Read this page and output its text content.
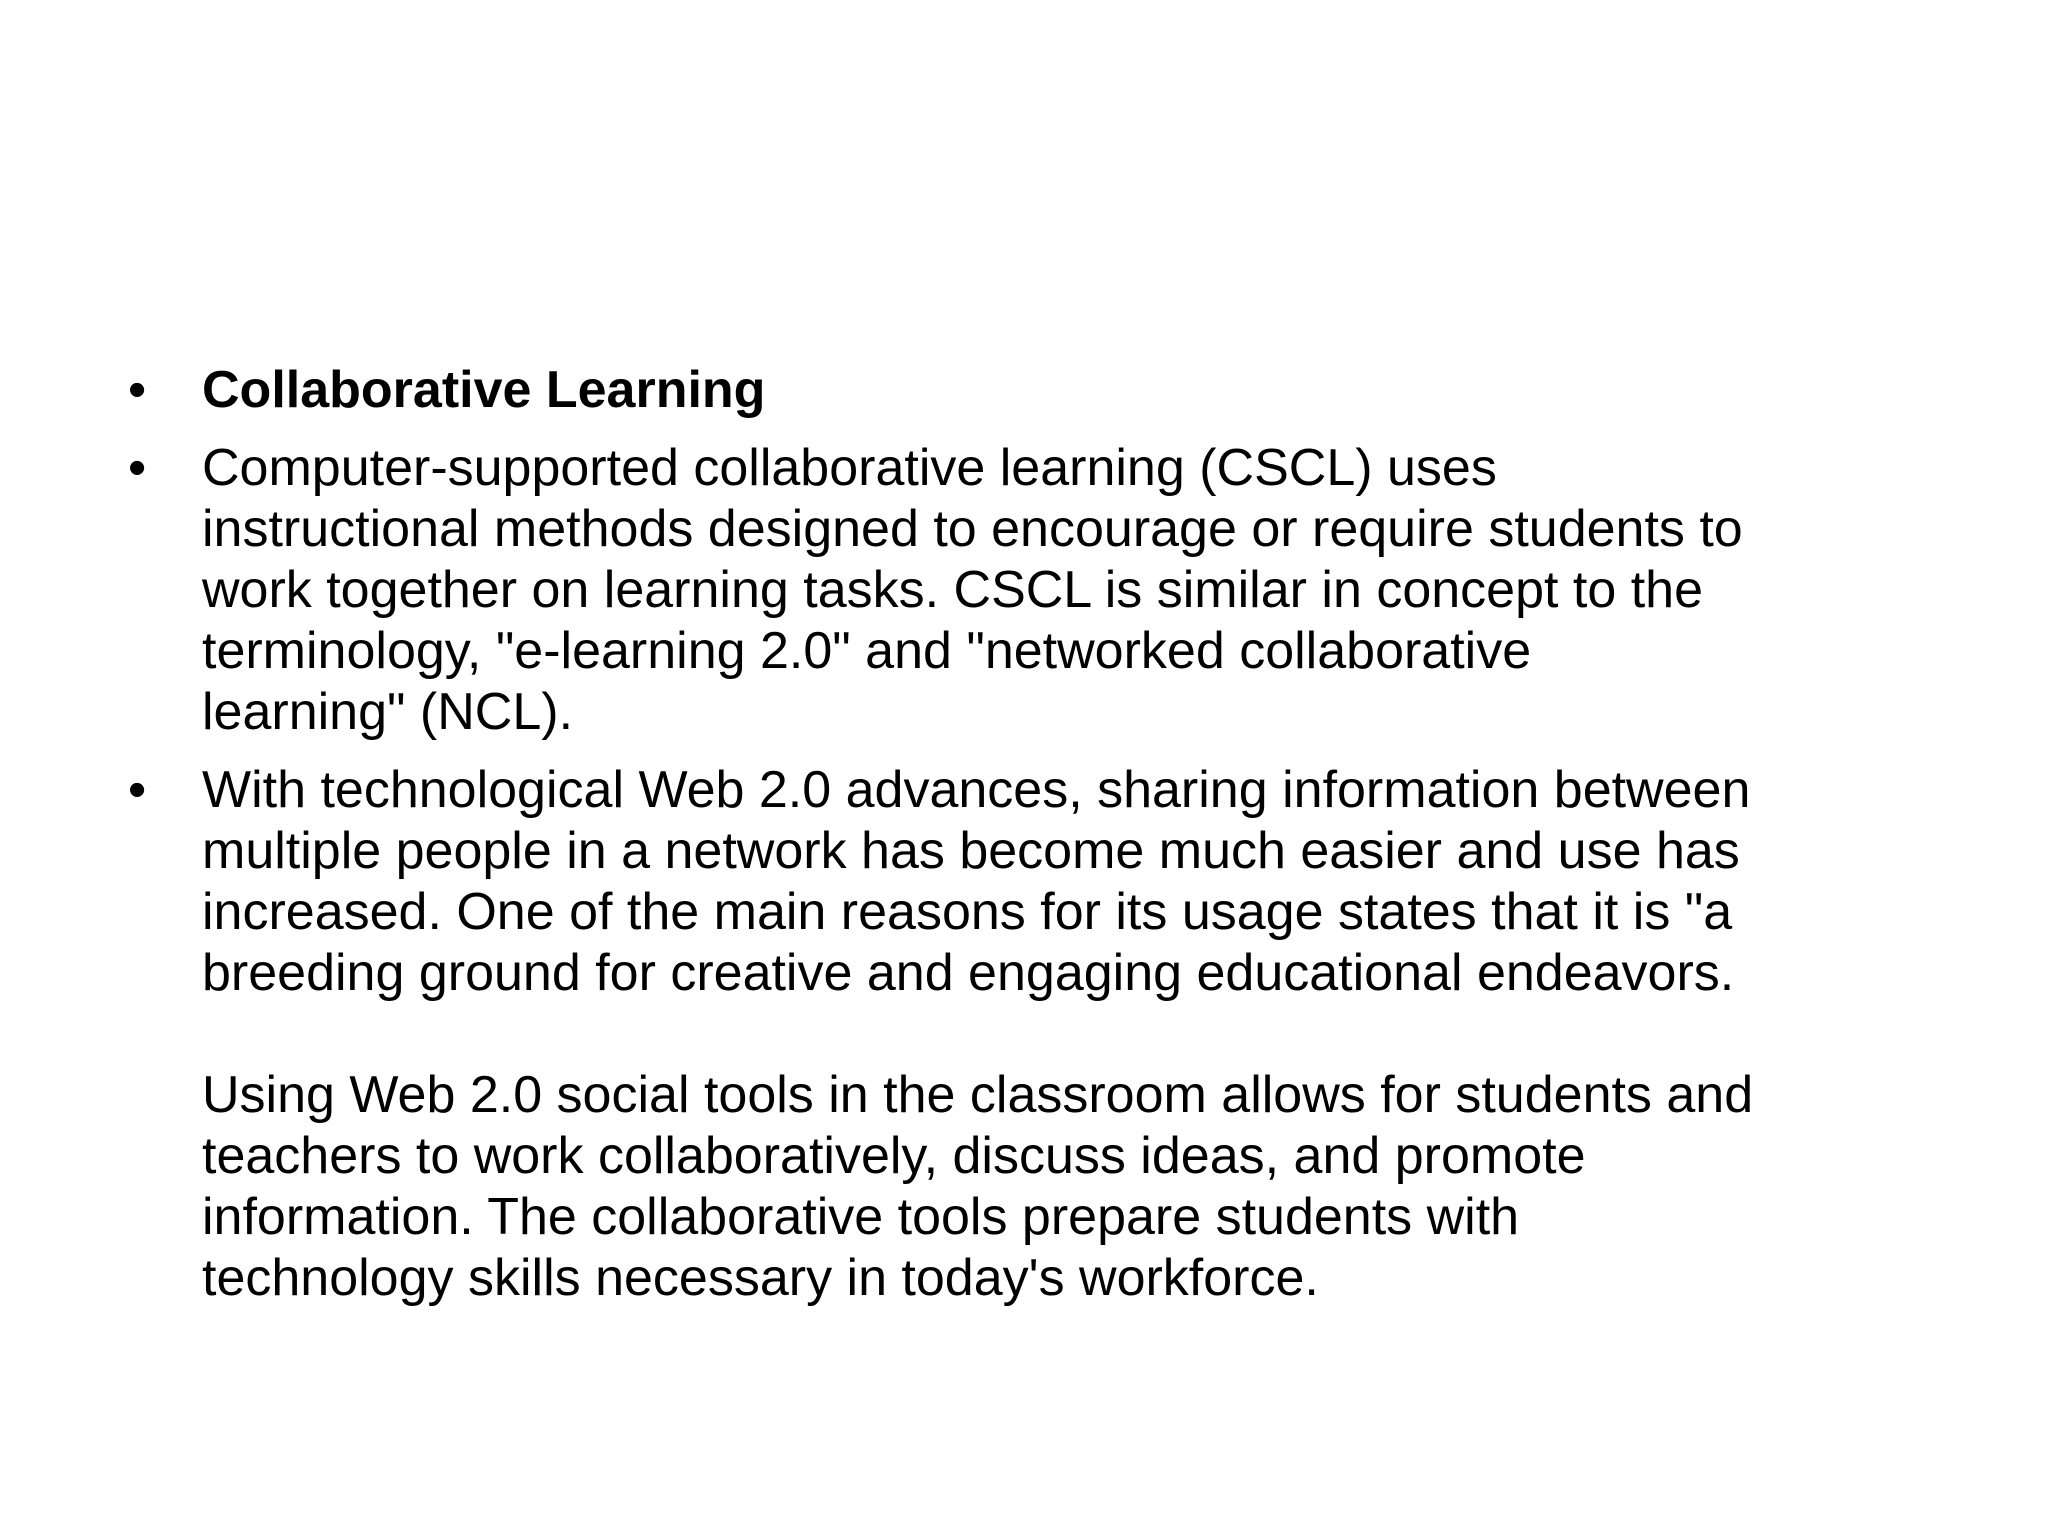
•	Collaborative Learning
•	Computer-supported collaborative learning (CSCL) uses
instructional methods designed to encourage or require students to
work together on learning tasks. CSCL is similar in concept to the
terminology, "e-learning 2.0" and "networked collaborative
learning" (NCL).
•	With technological Web 2.0 advances, sharing information between
multiple people in a network has become much easier and use has
increased. One of the main reasons for its usage states that it is "a
breeding ground for creative and engaging educational endeavors.
Using Web 2.0 social tools in the classroom allows for students and
teachers to work collaboratively, discuss ideas, and promote
information. The collaborative tools prepare students with
technology skills necessary in today's workforce.
